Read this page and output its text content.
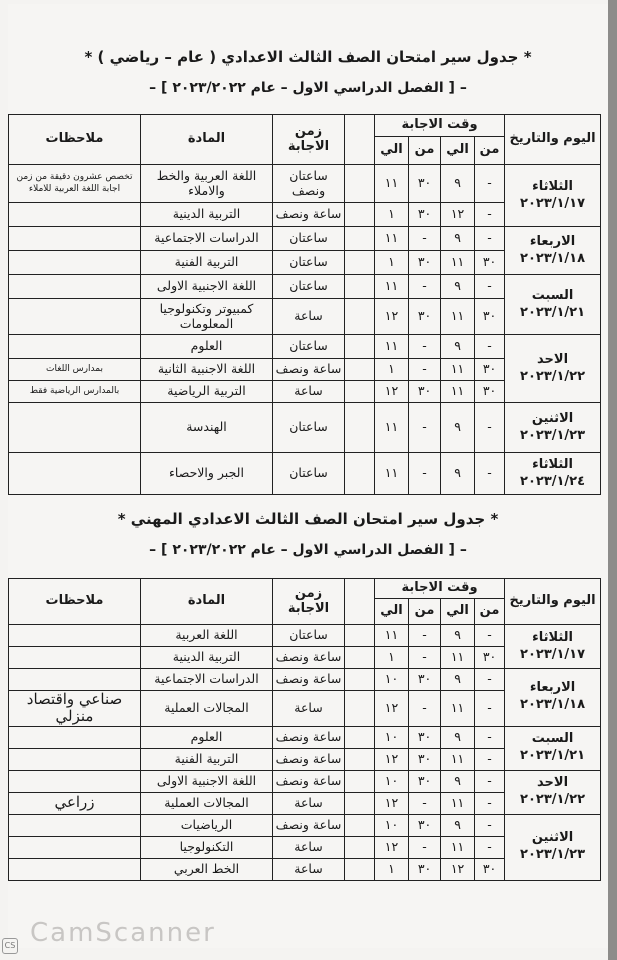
* جدول سير امتحان الصف الثالث الاعدادي ( عام – رياضي ) *
– [ الفصل الدراسي الاول – عام ٢٠٢٣/٢٠٢٢ ] –
اليوم والتاريخ	وقت الاجابة					زمن الاجابة	المادة	ملاحظات
	من	الي	من	الي				

الثلاثاء
٢٠٢٣/١/١٧	-	٩	٣٠	١١		ساعتان ونصف	اللغة العربية والخط والاملاء	تخصص عشرون دقيقة من زمن اجابة اللغة العربية للاملاء
	-	١٢	٣٠	١		ساعة ونصف	التربية الدينية	

الاربعاء
٢٠٢٣/١/١٨	-	٩	-	١١		ساعتان	الدراسات الاجتماعية	
	٣٠	١١	٣٠	١		ساعتان	التربية الفنية	

السبت
٢٠٢٣/١/٢١	-	٩	-	١١		ساعتان	اللغة الاجنبية الاولى	
	٣٠	١١	٣٠	١٢		ساعة	كمبيوتر وتكنولوجيا المعلومات	

الاحد
٢٠٢٣/١/٢٢	-	٩	-	١١		ساعتان	العلوم	
	٣٠	١١	-	١		ساعة ونصف	اللغة الاجنبية الثانية	بمدارس اللغات
	٣٠	١١	٣٠	١٢		ساعة	التربية الرياضية	بالمدارس الرياضية فقط

الاثنين
٢٠٢٣/١/٢٣	-	٩	-	١١		ساعتان	الهندسة	

الثلاثاء
٢٠٢٣/١/٢٤	-	٩	-	١١		ساعتان	الجبر والاحصاء	
* جدول سير امتحان الصف الثالث الاعدادي المهني *
– [ الفصل الدراسي الاول – عام ٢٠٢٣/٢٠٢٢ ] –
اليوم والتاريخ	وقت الاجابة					زمن الاجابة	المادة	ملاحظات
	من	الي	من	الي				

الثلاثاء
٢٠٢٣/١/١٧	-	٩	-	١١		ساعتان	اللغة العربية	
	٣٠	١١	-	١		ساعة ونصف	التربية الدينية	

الاربعاء
٢٠٢٣/١/١٨	-	٩	٣٠	١٠		ساعة ونصف	الدراسات الاجتماعية	
	-	١١	-	١٢		ساعة	المجالات العملية	صناعي واقتصاد منزلي

السبت
٢٠٢٣/١/٢١	-	٩	٣٠	١٠		ساعة ونصف	العلوم	
	-	١١	٣٠	١٢		ساعة ونصف	التربية الفنية	

الاحد
٢٠٢٣/١/٢٢	-	٩	٣٠	١٠		ساعة ونصف	اللغة الاجنبية الاولى	
	-	١١	-	١٢		ساعة	المجالات العملية	زراعي

الاثنين
٢٠٢٣/١/٢٣	-	٩	٣٠	١٠		ساعة ونصف	الرياضيات	
	-	١١	-	١٢		ساعة	التكنولوجيا	
	٣٠	١٢	٣٠	١		ساعة	الخط العربي	
CamScanner
CS
